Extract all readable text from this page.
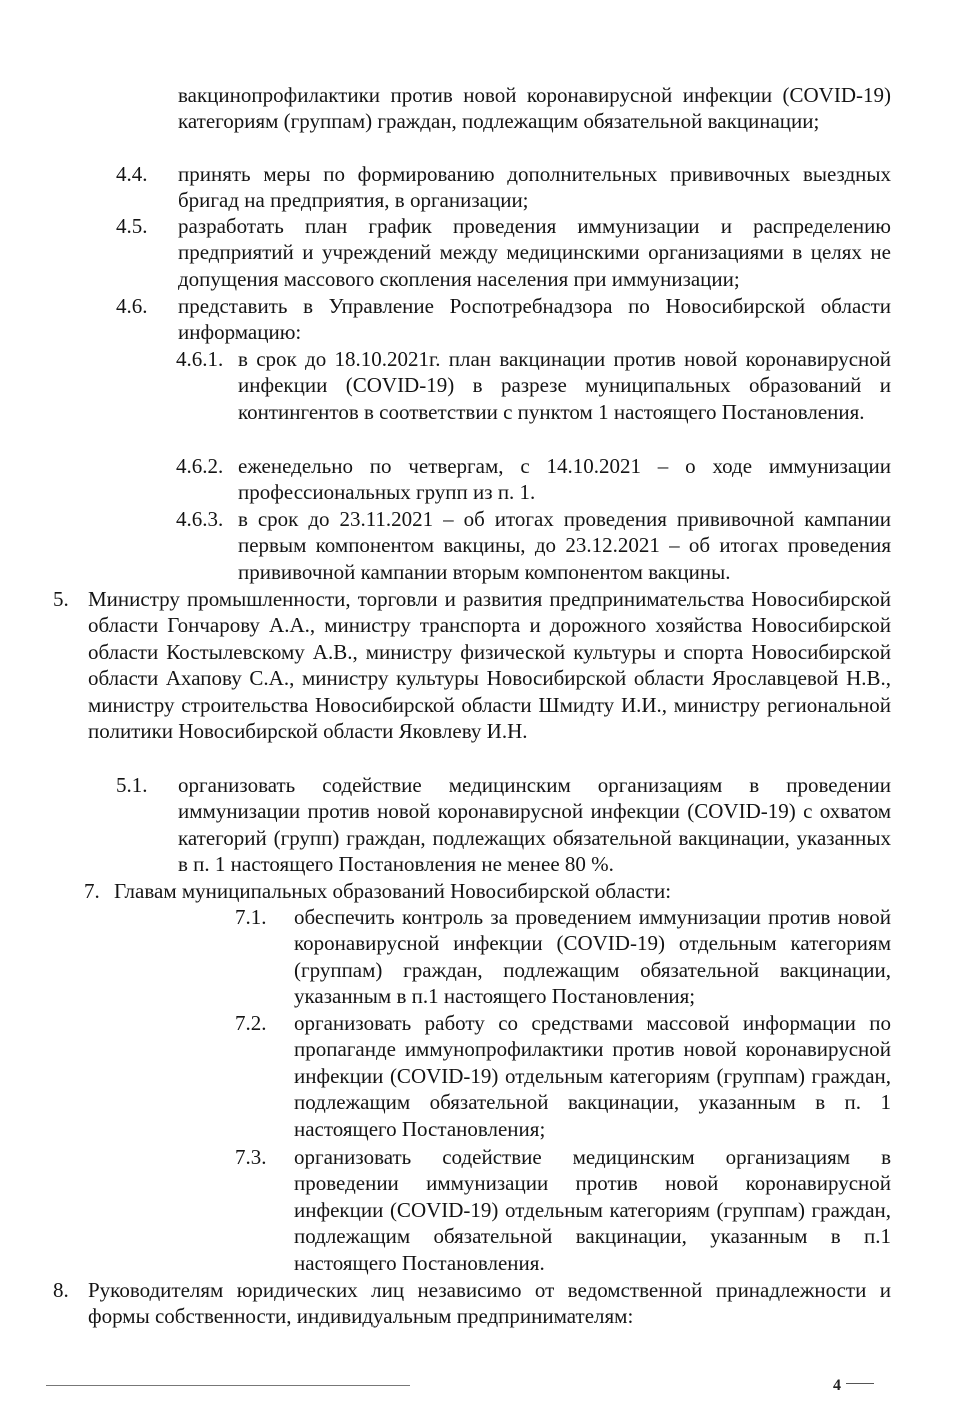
вакцинопрофилактики против новой коронавирусной инфекции (COVID-19) категориям (группам) граждан, подлежащим обязательной вакцинации;
4.4. принять меры по формированию дополнительных прививочных выездных бригад на предприятия, в организации;
4.5. разработать план график проведения иммунизации и распределению предприятий и учреждений между медицинскими организациями в целях не допущения массового скопления населения при иммунизации;
4.6. представить в Управление Роспотребнадзора по Новосибирской области информацию:
4.6.1. в срок до 18.10.2021г. план вакцинации против новой коронавирусной инфекции (COVID-19) в разрезе муниципальных образований и контингентов в соответствии с пунктом 1 настоящего Постановления.
4.6.2. еженедельно по четвергам, с 14.10.2021 – о ходе иммунизации профессиональных групп из п. 1.
4.6.3. в срок до 23.11.2021 – об итогах проведения прививочной кампании первым компонентом вакцины, до 23.12.2021 – об итогах проведения прививочной кампании вторым компонентом вакцины.
5. Министру промышленности, торговли и развития предпринимательства Новосибирской области Гончарову А.А., министру транспорта и дорожного хозяйства Новосибирской области Костылевскому А.В., министру физической культуры и спорта Новосибирской области Ахапову С.А., министру культуры Новосибирской области Ярославцевой Н.В., министру строительства Новосибирской области Шмидту И.И., министру региональной политики Новосибирской области Яковлеву И.Н.
5.1. организовать содействие медицинским организациям в проведении иммунизации против новой коронавирусной инфекции (COVID-19) с охватом категорий (групп) граждан, подлежащих обязательной вакцинации, указанных в п. 1 настоящего Постановления не менее 80 %.
7. Главам муниципальных образований Новосибирской области:
7.1. обеспечить контроль за проведением иммунизации против новой коронавирусной инфекции (COVID-19) отдельным категориям (группам) граждан, подлежащим обязательной вакцинации, указанным в п.1 настоящего Постановления;
7.2. организовать работу со средствами массовой информации по пропаганде иммунопрофилактики против новой коронавирусной инфекции (COVID-19) отдельным категориям (группам) граждан, подлежащим обязательной вакцинации, указанным в п. 1 настоящего Постановления;
7.3. организовать содействие медицинским организациям в проведении иммунизации против новой коронавирусной инфекции (COVID-19) отдельным категориям (группам) граждан, подлежащим обязательной вакцинации, указанным в п.1 настоящего Постановления.
8. Руководителям юридических лиц независимо от ведомственной принадлежности и формы собственности, индивидуальным предпринимателям:
4
